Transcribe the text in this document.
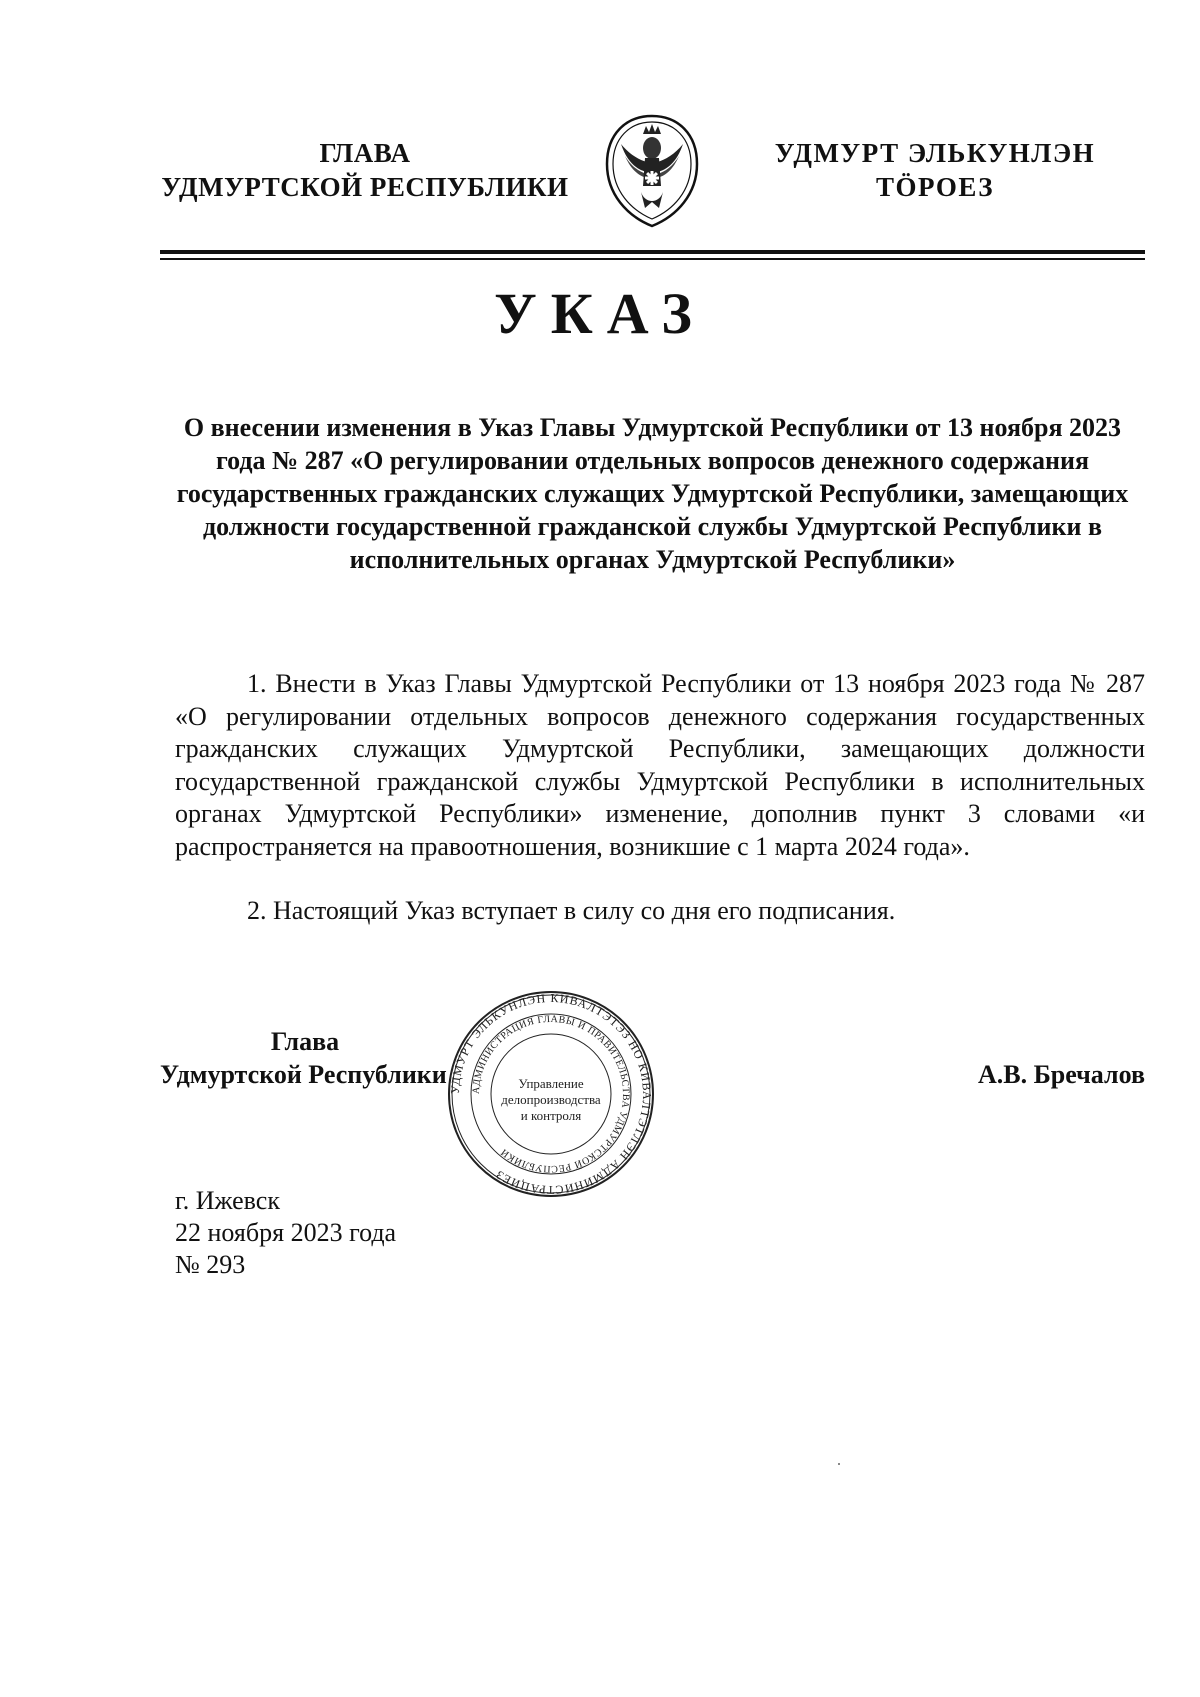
ГЛАВА
УДМУРТСКОЙ РЕСПУБЛИКИ
УДМУРТ ЭЛЬКУНЛЭН
ТӦРОЕЗ
УКАЗ
О внесении изменения в Указ Главы Удмуртской Республики от 13 ноября 2023 года № 287 «О регулировании отдельных вопросов денежного содержания государственных гражданских служащих Удмуртской Республики, замещающих должности государственной гражданской службы Удмуртской Республики в исполнительных органах Удмуртской Республики»
1. Внести в Указ Главы Удмуртской Республики от 13 ноября 2023 года № 287 «О регулировании отдельных вопросов денежного содержания государственных гражданских служащих Удмуртской Республики, замещающих должности государственной гражданской службы Удмуртской Республики в исполнительных органах Удмуртской Республики» изменение, дополнив пункт 3 словами «и распространяется на правоотношения, возникшие с 1 марта 2024 года».
2. Настоящий Указ вступает в силу со дня его подписания.
Глава
Удмуртской Республики	А.В. Бречалов
УДМУРТ ЭЛЬКУНЛЭН КИВАЛТЭТЭЗ НО КИВАЛТЭТЛЭН АДМИНИСТРАЦИЕЗ
АДМИНИСТРАЦИЯ ГЛАВЫ И ПРАВИТЕЛЬСТВА УДМУРТСКОЙ РЕСПУБЛИКИ
Управление
делопроизводства
и контроля
г. Ижевск
22 ноября 2023 года
№ 293
